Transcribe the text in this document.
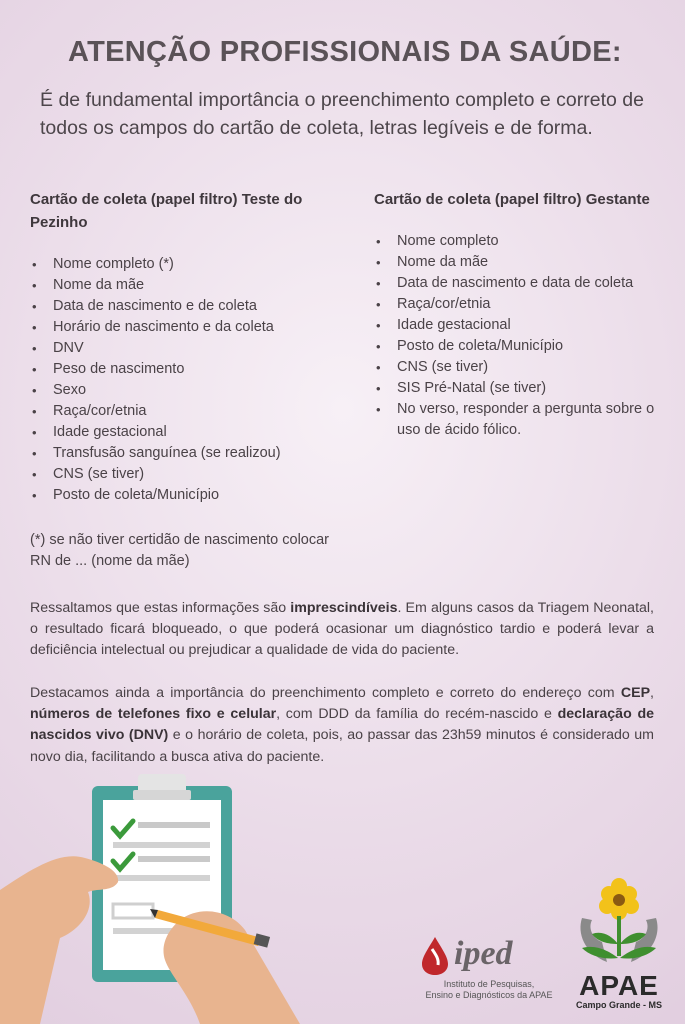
ATENÇÃO PROFISSIONAIS DA SAÚDE:
É de fundamental importância o preenchimento completo e correto de todos os campos do cartão de coleta, letras legíveis e de forma.
Cartão de coleta (papel filtro) Teste do Pezinho
• Nome completo (*)
• Nome da mãe
• Data de nascimento e de coleta
• Horário de nascimento e da coleta
• DNV
• Peso de nascimento
• Sexo
• Raça/cor/etnia
• Idade gestacional
• Transfusão sanguínea (se realizou)
• CNS (se tiver)
• Posto de coleta/Município
(*) se não tiver certidão de nascimento colocar RN de ... (nome da mãe)
Cartão de coleta (papel filtro) Gestante
• Nome completo
• Nome da mãe
• Data de nascimento e data de coleta
• Raça/cor/etnia
• Idade gestacional
• Posto de coleta/Município
• CNS (se tiver)
• SIS Pré-Natal (se tiver)
• No verso, responder a pergunta sobre o uso de ácido fólico.
Ressaltamos que estas informações são imprescindíveis. Em alguns casos da Triagem Neonatal, o resultado ficará bloqueado, o que poderá ocasionar um diagnóstico tardio e poderá levar a deficiência intelectual ou prejudicar a qualidade de vida do paciente.
Destacamos ainda a importância do preenchimento completo e correto do endereço com CEP, números de telefones fixo e celular, com DDD da família do recém-nascido e declaração de nascidos vivo (DNV) e o horário de coleta, pois, ao passar das 23h59 minutos é considerado um novo dia, facilitando a busca ativa do paciente.
iped
Instituto de Pesquisas,
Ensino e Diagnósticos da APAE APAE
Campo Grande - MS
